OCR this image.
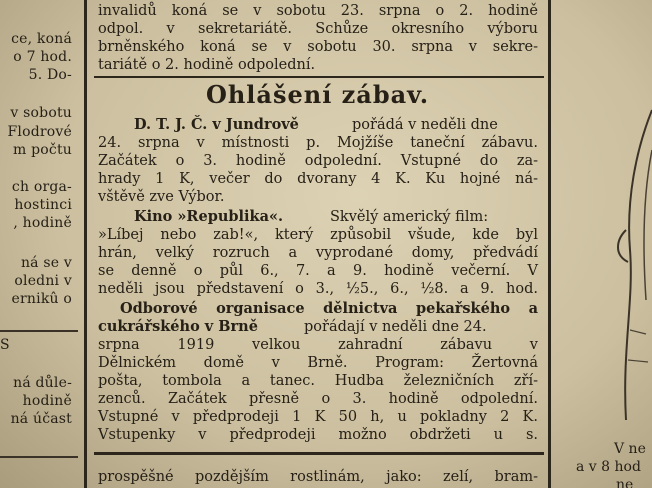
ce, koná
o 7 hod.
5. Do-
v sobotu
Flodrové
m počtu
ch orga-
hostinci
, hodině
ná se v
oledni v
ernikû o
S
ná důle-
hodině
ná účast
invalidů koná se v sobotu 23. srpna o 2. hodině
odpol. v sekretariátě. Schůze okresního výboru
brněnského koná se v sobotu 30. srpna v sekre-
tariátě o 2. hodině odpolední.
Ohlášení zábav.
D. T. J. Č. v Jundrově	pořádá v neděli dne
24. srpna v místnosti p. Mojžíše taneční zábavu.
Začátek o 3. hodině odpolední. Vstupné do za-
hrady 1 K, večer do dvorany 4 K. Ku hojné ná-
vštěvě zve Výbor.
Kino »Republika«.	Skvělý americký film:
»Líbej nebo zab!«, který způsobil všude, kde byl
hrán, velký rozruch a vyprodané domy, předvádí
se denně o půl 6., 7. a 9. hodině večerní. V
neděli jsou představení o 3., ½5., 6., ½8. a 9. hod.
Odborové organisace dělnictva pekařského a
cukrářského v Brně	pořádají v neděli dne 24.
srpna 1919 velkou zahradní zábavu v
Dělnickém domě v Brně. Program: Žertovná
pošta, tombola a tanec. Hudba železničních zří-
zenců. Začátek přesně o 3. hodině odpolední.
Vstupné v předprodeji 1 K 50 h, u pokladny 2 K.
Vstupenky v předprodeji možno obdržeti u s.
prospěšné pozdějším rostlinám, jako: zelí, bram-
V ne
a v 8 hod
ne
